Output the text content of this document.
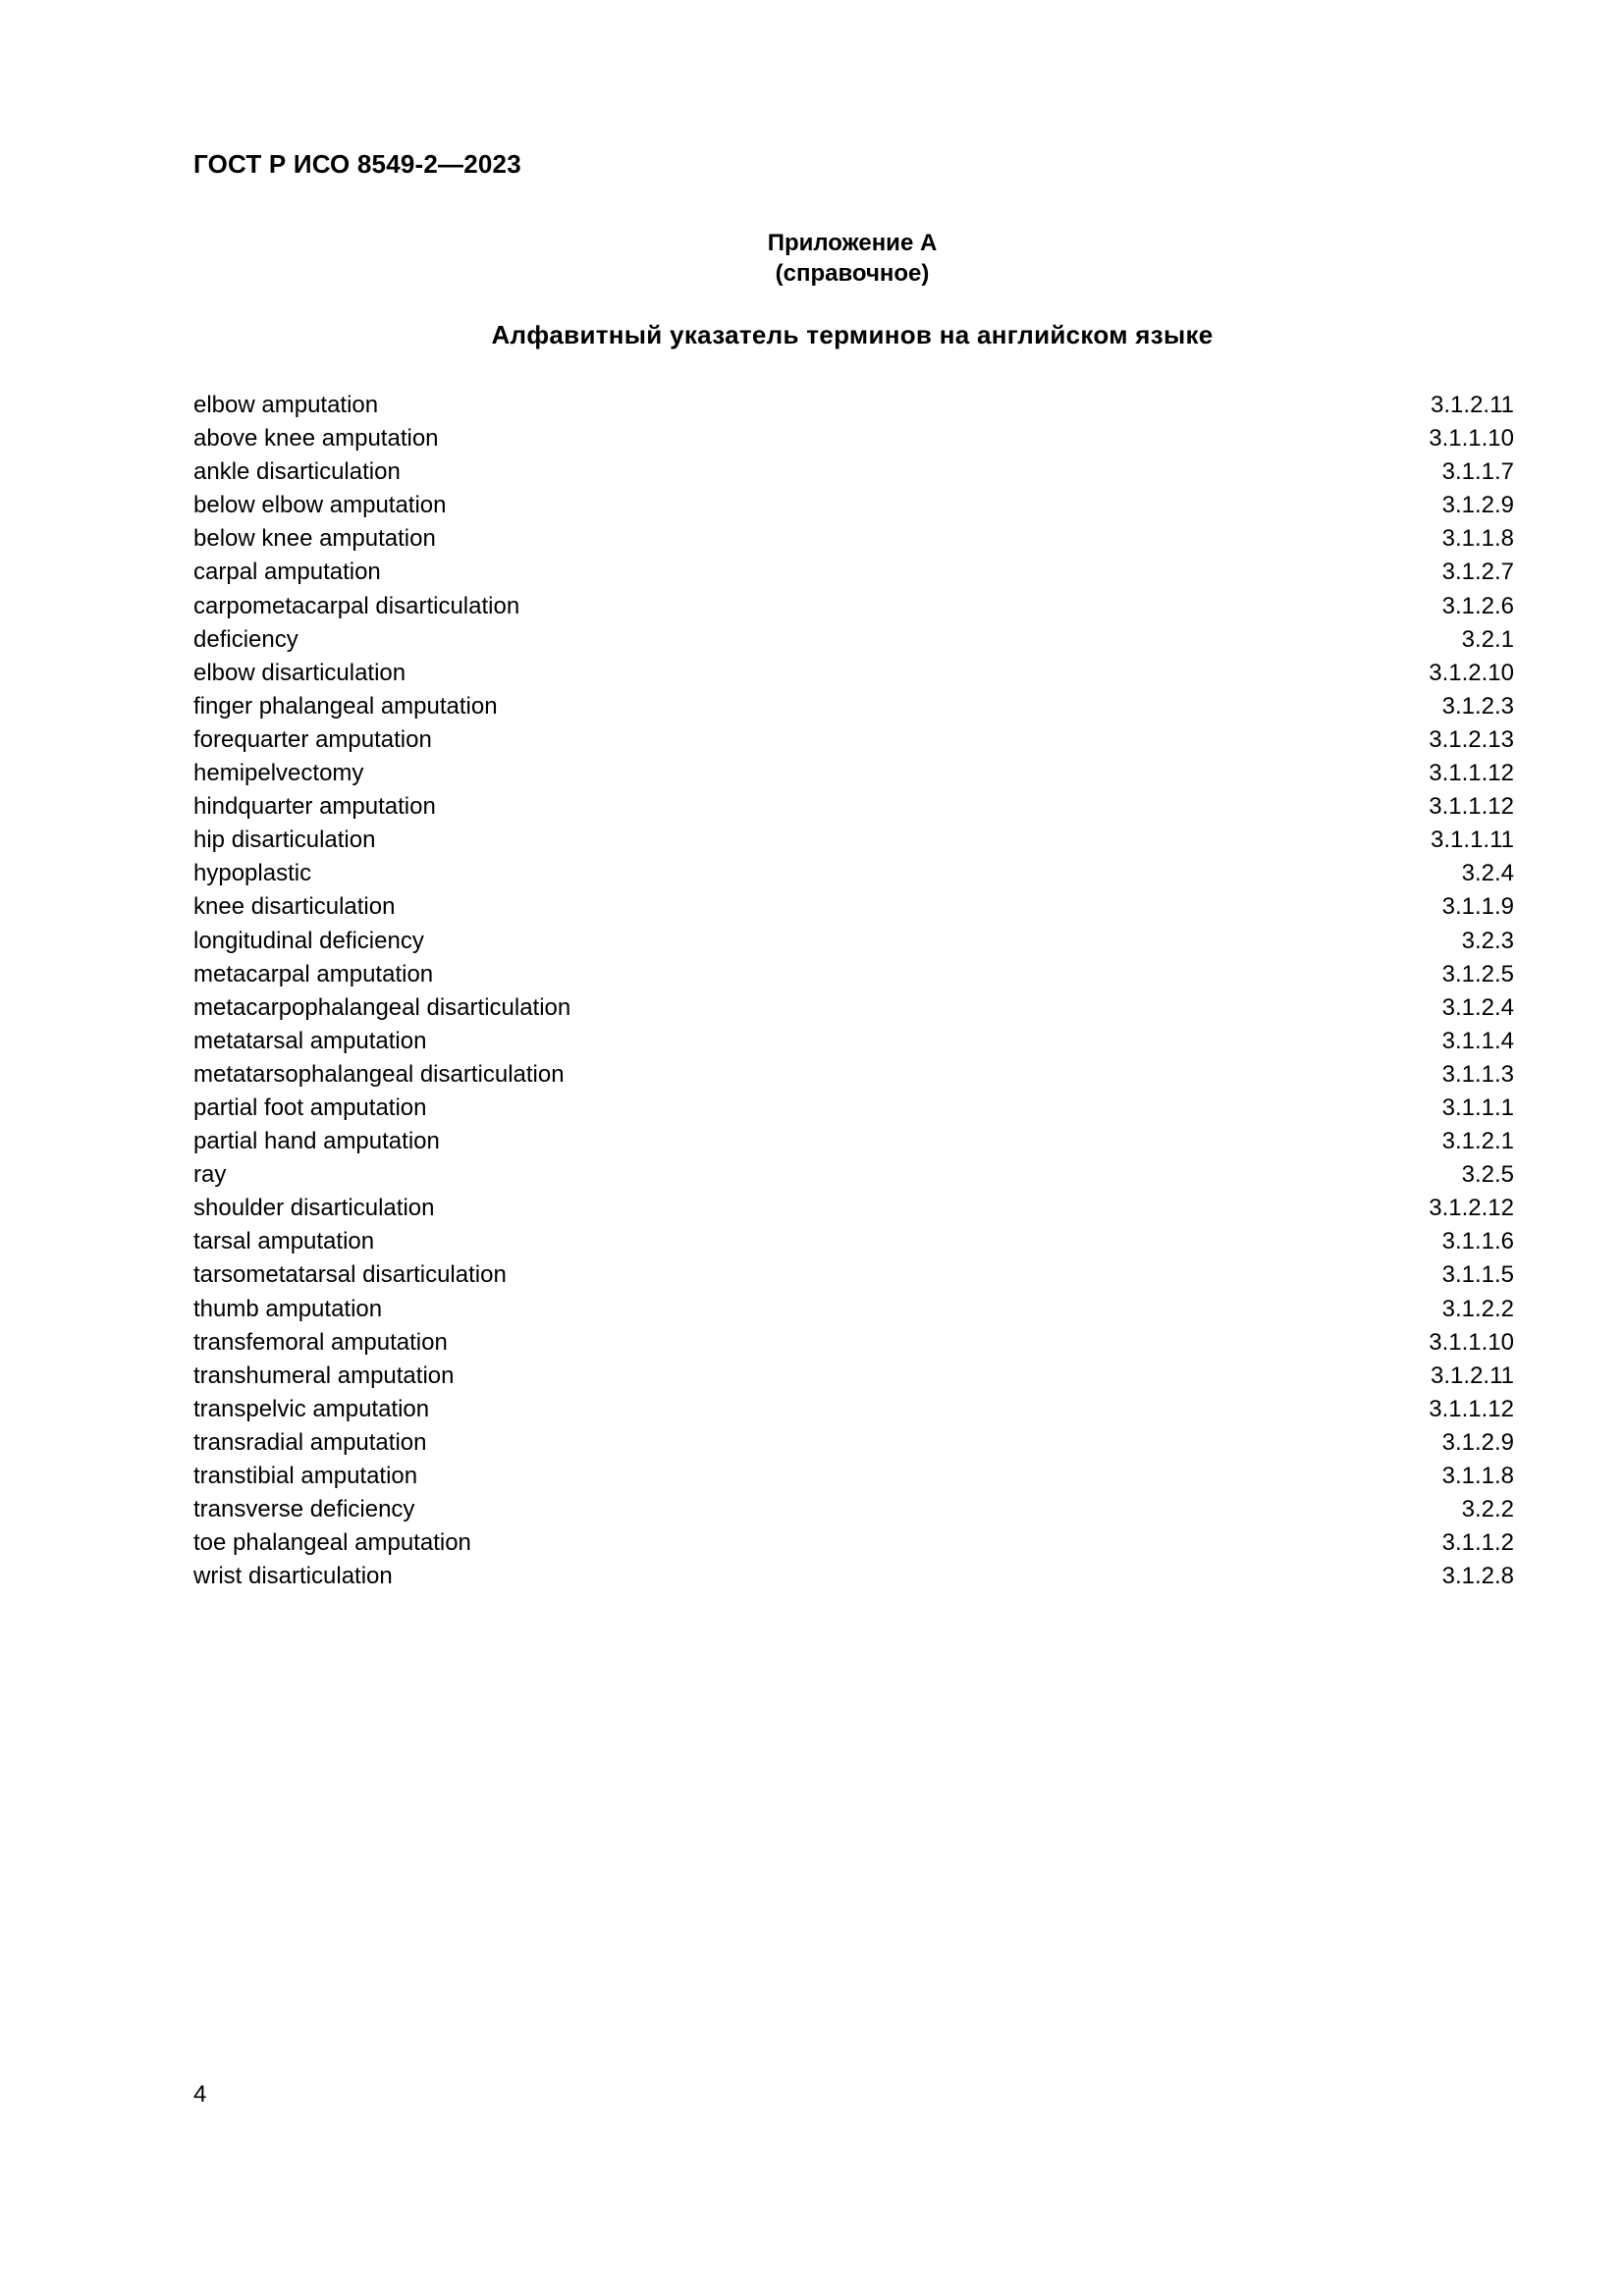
ГОСТ Р ИСО 8549-2—2023

Приложение А
(справочное)
Алфавитный указатель терминов на английском языке
elbow amputation	3.1.2.11
above knee amputation	3.1.1.10
ankle disarticulation	3.1.1.7
below elbow amputation	3.1.2.9
below knee amputation	3.1.1.8
carpal amputation	3.1.2.7
carpometacarpal disarticulation	3.1.2.6
deficiency	3.2.1
elbow disarticulation	3.1.2.10
finger phalangeal amputation	3.1.2.3
forequarter amputation	3.1.2.13
hemipelvectomy	3.1.1.12
hindquarter amputation	3.1.1.12
hip disarticulation	3.1.1.11
hypoplastic	3.2.4
knee disarticulation	3.1.1.9
longitudinal deficiency	3.2.3
metacarpal amputation	3.1.2.5
metacarpophalangeal disarticulation	3.1.2.4
metatarsal amputation	3.1.1.4
metatarsophalangeal disarticulation	3.1.1.3
partial foot amputation	3.1.1.1
partial hand amputation	3.1.2.1
ray	3.2.5
shoulder disarticulation	3.1.2.12
tarsal amputation	3.1.1.6
tarsometatarsal disarticulation	3.1.1.5
thumb amputation	3.1.2.2
transfemoral amputation	3.1.1.10
transhumeral amputation	3.1.2.11
transpelvic amputation	3.1.1.12
transradial amputation	3.1.2.9
transtibial amputation	3.1.1.8
transverse deficiency	3.2.2
toe phalangeal amputation	3.1.1.2
wrist disarticulation	3.1.2.8

4
